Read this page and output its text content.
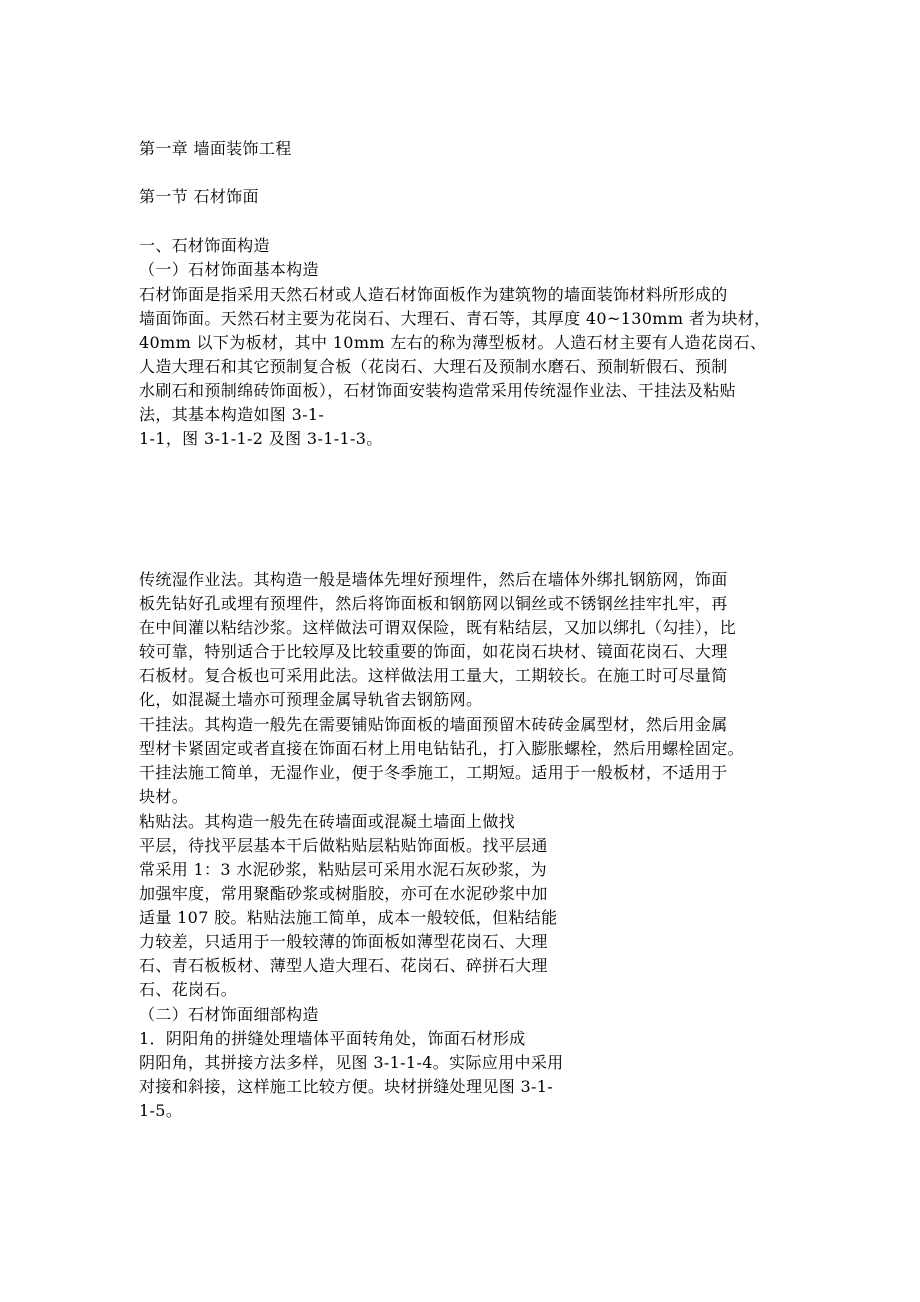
第一章 墙面装饰工程
第一节 石材饰面
一、石材饰面构造
（一）石材饰面基本构造
石材饰面是指采用天然石材或人造石材饰面板作为建筑物的墙面装饰材料所形成的
墙面饰面。天然石材主要为花岗石、大理石、青石等，其厚度 40~130mm 者为块材，
40mm 以下为板材，其中 10mm 左右的称为薄型板材。人造石材主要有人造花岗石、
人造大理石和其它预制复合板（花岗石、大理石及预制水磨石、预制斩假石、预制
水刷石和预制绵砖饰面板），石材饰面安装构造常采用传统湿作业法、干挂法及粘贴
法，其基本构造如图 3-1-
1-1，图 3-1-1-2 及图 3-1-1-3。
传统湿作业法。其构造一般是墙体先埋好预埋件，然后在墙体外绑扎钢筋网，饰面
板先钻好孔或埋有预埋件，然后将饰面板和钢筋网以铜丝或不锈钢丝挂牢扎牢，再
在中间灌以粘结沙浆。这样做法可谓双保险，既有粘结层，又加以绑扎（勾挂），比
较可靠，特别适合于比较厚及比较重要的饰面，如花岗石块材、镜面花岗石、大理
石板材。复合板也可采用此法。这样做法用工量大，工期较长。在施工时可尽量简
化，如混凝土墙亦可预理金属导轨省去钢筋网。
干挂法。其构造一般先在需要铺贴饰面板的墙面预留木砖砖金属型材，然后用金属
型材卡紧固定或者直接在饰面石材上用电钻钻孔，打入膨胀螺栓，然后用螺栓固定。
干挂法施工简单，无湿作业，便于冬季施工，工期短。适用于一般板材，不适用于
块材。
粘贴法。其构造一般先在砖墙面或混凝土墙面上做找
平层，待找平层基本干后做粘贴层粘贴饰面板。找平层通
常采用 1：3 水泥砂浆，粘贴层可采用水泥石灰砂浆，为
加强牢度，常用聚酯砂浆或树脂胶，亦可在水泥砂浆中加
适量 107 胶。粘贴法施工简单，成本一般较低，但粘结能
力较差，只适用于一般较薄的饰面板如薄型花岗石、大理
石、青石板板材、薄型人造大理石、花岗石、碎拼石大理
石、花岗石。
（二）石材饰面细部构造
1．阴阳角的拼缝处理墙体平面转角处，饰面石材形成
阴阳角，其拼接方法多样，见图 3-1-1-4。实际应用中采用
对接和斜接，这样施工比较方便。块材拼缝处理见图 3-1-
1-5。
